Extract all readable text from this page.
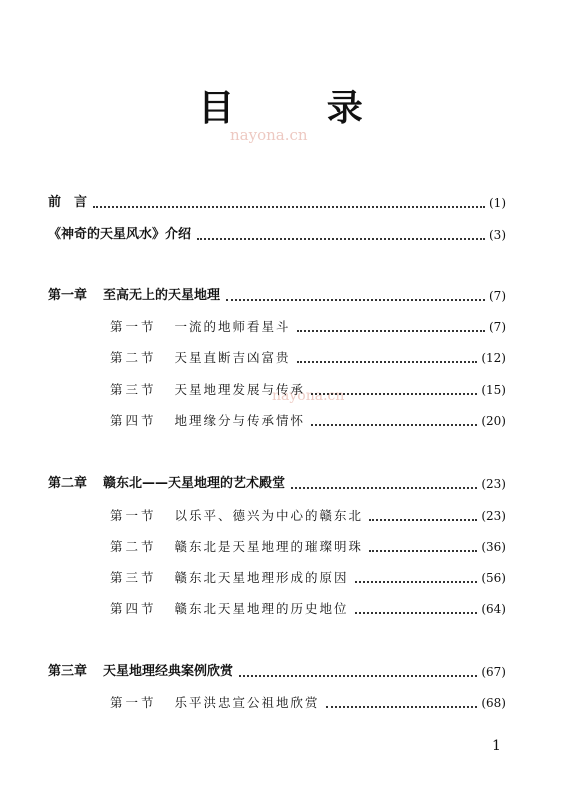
目 录
nayona.cn
nayona.cn
前　言	(1)
《神奇的天星风水》介绍	(3)
第一章 至高无上的天星地理	(7)
第一节 一流的地师看星斗	(7)
第二节 天星直断吉凶富贵	(12)
第三节 天星地理发展与传承	(15)
第四节 地理缘分与传承情怀	(20)
第二章 赣东北——天星地理的艺术殿堂	(23)
第一节 以乐平、德兴为中心的赣东北	(23)
第二节 赣东北是天星地理的璀璨明珠	(36)
第三节 赣东北天星地理形成的原因	(56)
第四节 赣东北天星地理的历史地位	(64)
第三章 天星地理经典案例欣赏	(67)
第一节 乐平洪忠宣公祖地欣赏	(68)
1
